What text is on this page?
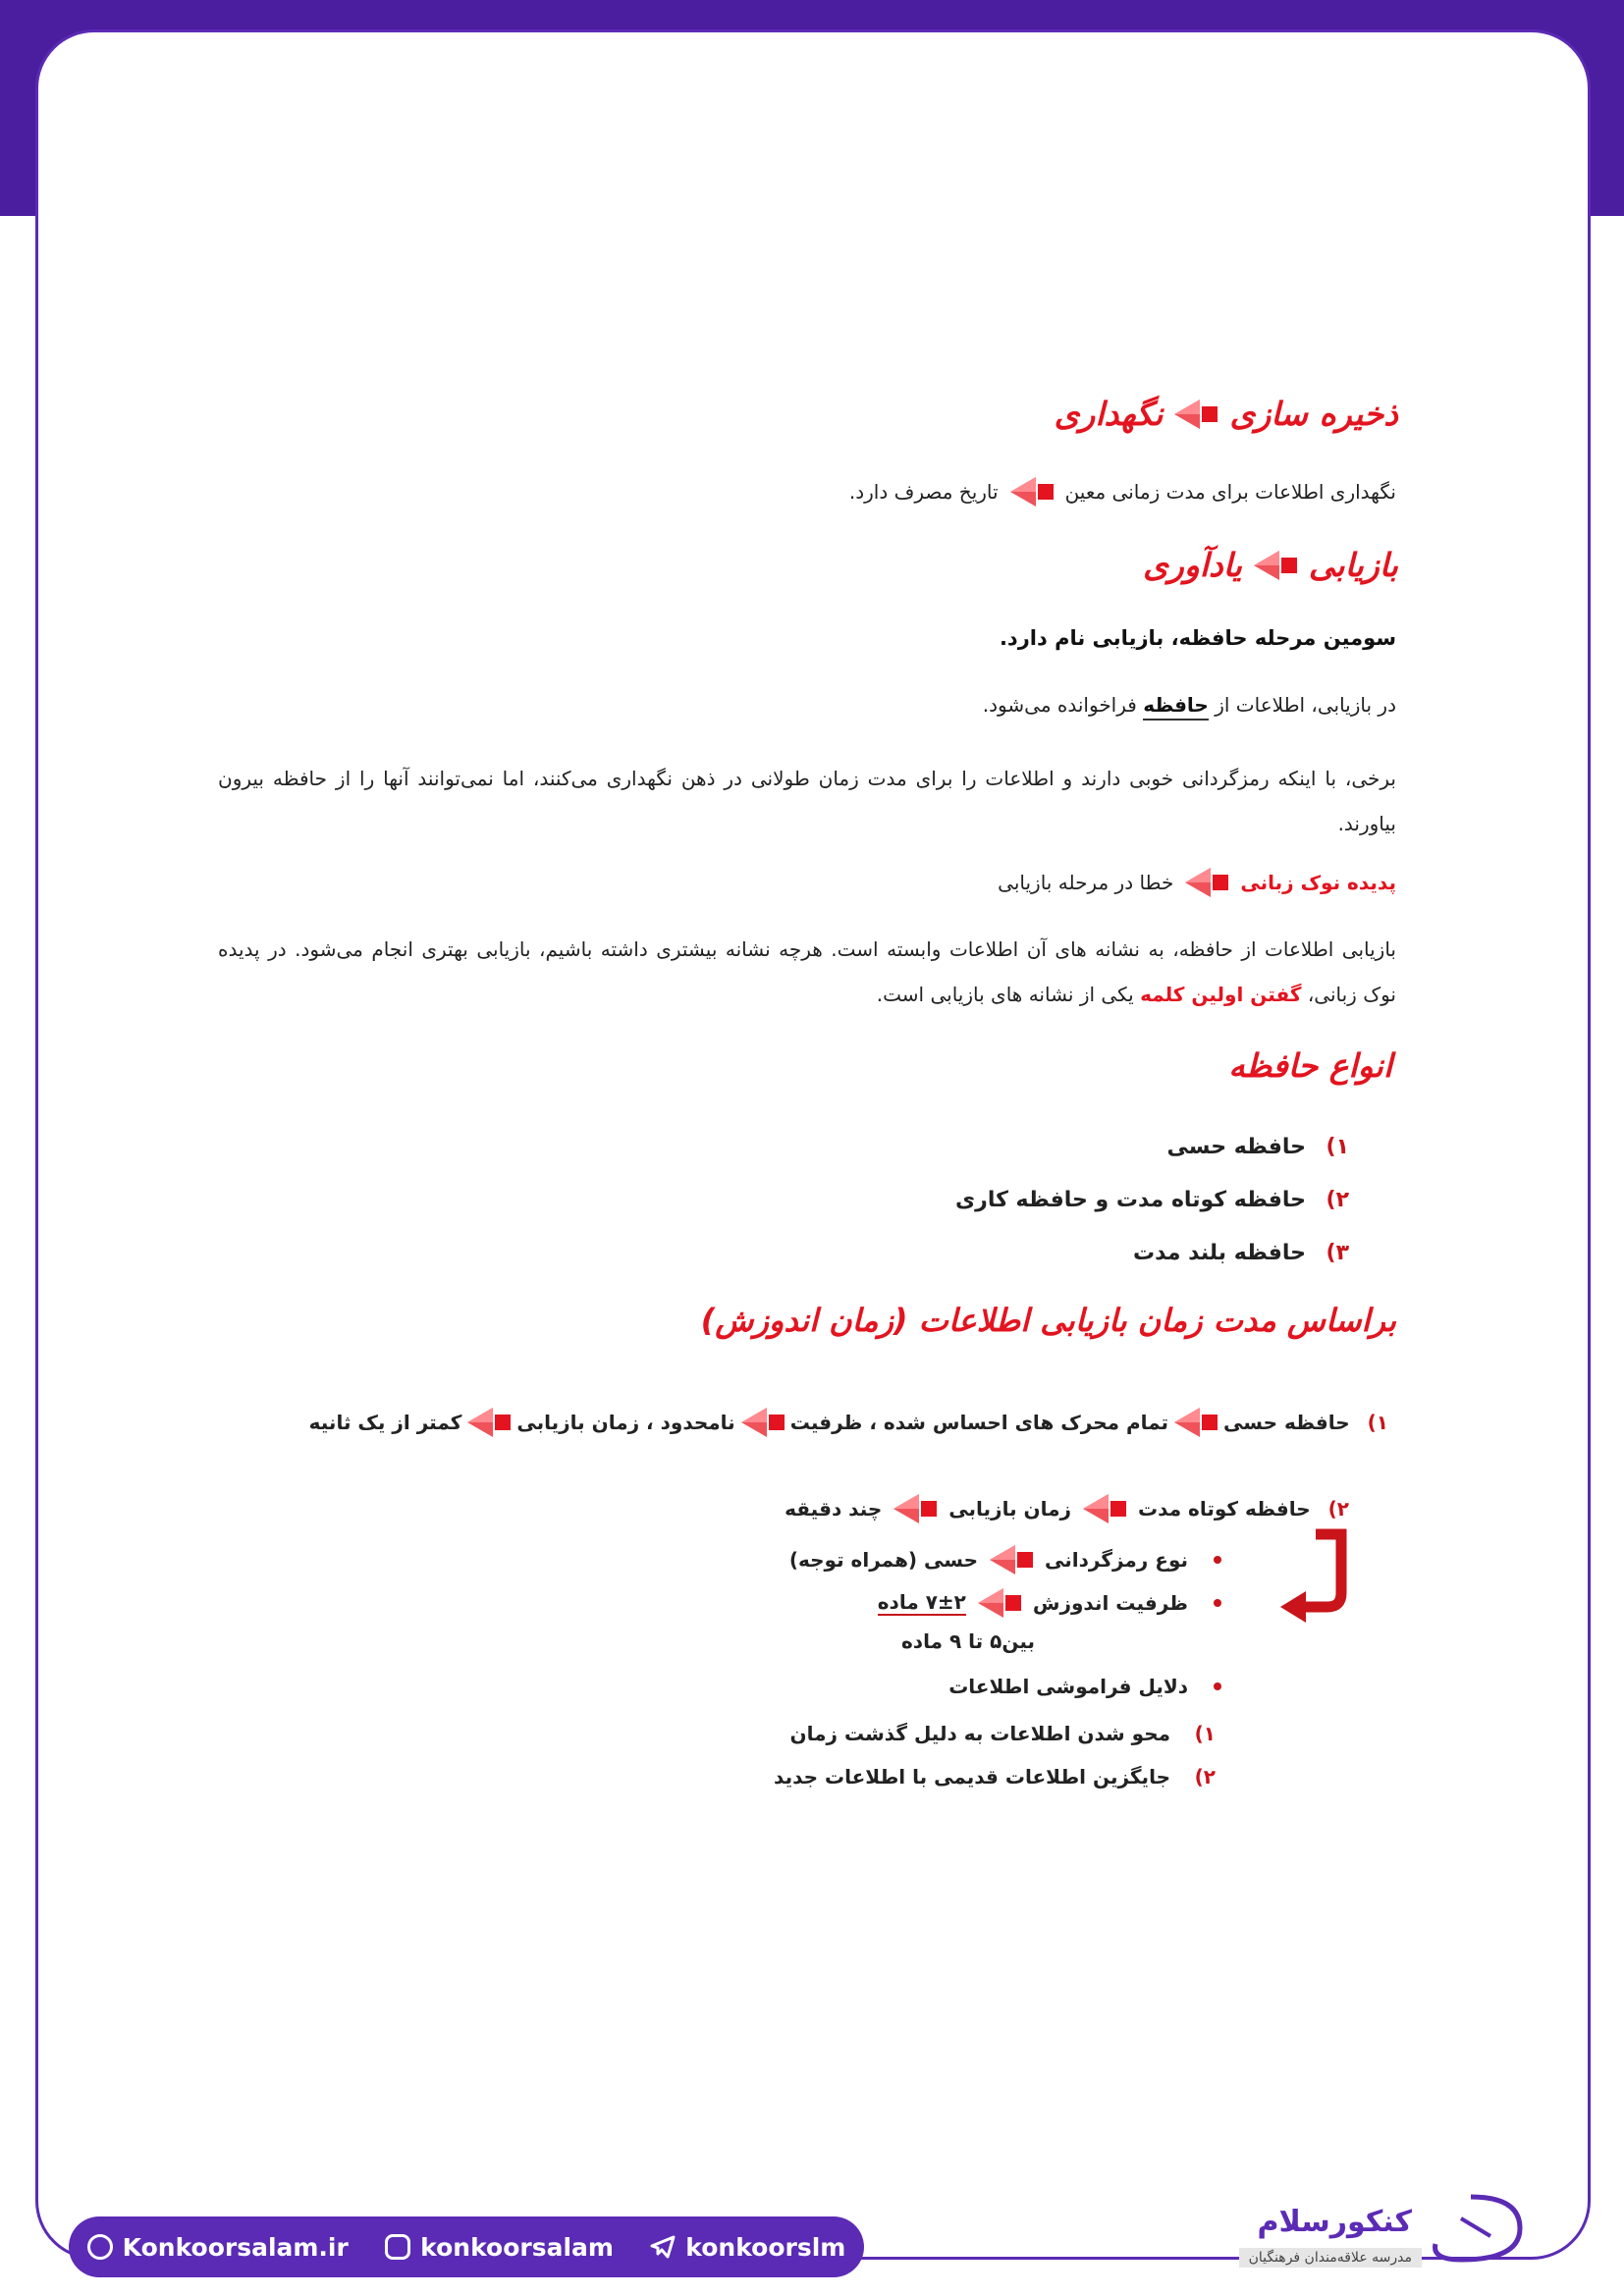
ذخیره سازی
نگهداری
نگهداری اطلاعات برای مدت زمانی معین
تاریخ مصرف دارد.
بازیابی
یادآوری
سومین مرحله حافظه، بازیابی نام دارد.
در بازیابی، اطلاعات از حافظه فراخوانده می‌شود.
برخی، با اینکه رمزگردانی خوبی دارند و اطلاعات را برای مدت زمان طولانی در ذهن نگهداری می‌کنند، اما نمی‌توانند آنها را از حافظه بیرون
بیاورند.
پدیده نوک زبانی
خطا در مرحله بازیابی
بازیابی اطلاعات از حافظه، به نشانه های آن اطلاعات وابسته است. هرچه نشانه بیشتری داشته باشیم، بازیابی بهتری انجام می‌شود. در پدیده
نوک زبانی، گفتن اولین کلمه یکی از نشانه های بازیابی است.
انواع حافظه
۱)
حافظه حسی
۲)
حافظه کوتاه مدت و حافظه کاری
۳)
حافظه بلند مدت
براساس مدت زمان بازیابی اطلاعات (زمان اندوزش)
۱)
حافظه حسی
تمام محرک های احساس شده ، ظرفیت
نامحدود ، زمان بازیابی
کمتر از یک ثانیه
۲)
حافظه کوتاه مدت
زمان بازیابی
چند دقیقه
نوع رمزگردانی
حسی (همراه توجه)
ظرفیت اندوزش
۷±۲ ماده
بین۵ تا ۹ ماده
دلایل فراموشی اطلاعات
۱)
محو شدن اطلاعات به دلیل گذشت زمان
۲)
جایگزین اطلاعات قدیمی با اطلاعات جدید
Konkoorsalam.ir	konkoorsalam	konkoorslm
کنکورسلام
مدرسه علاقه‌مندان فرهنگیان
